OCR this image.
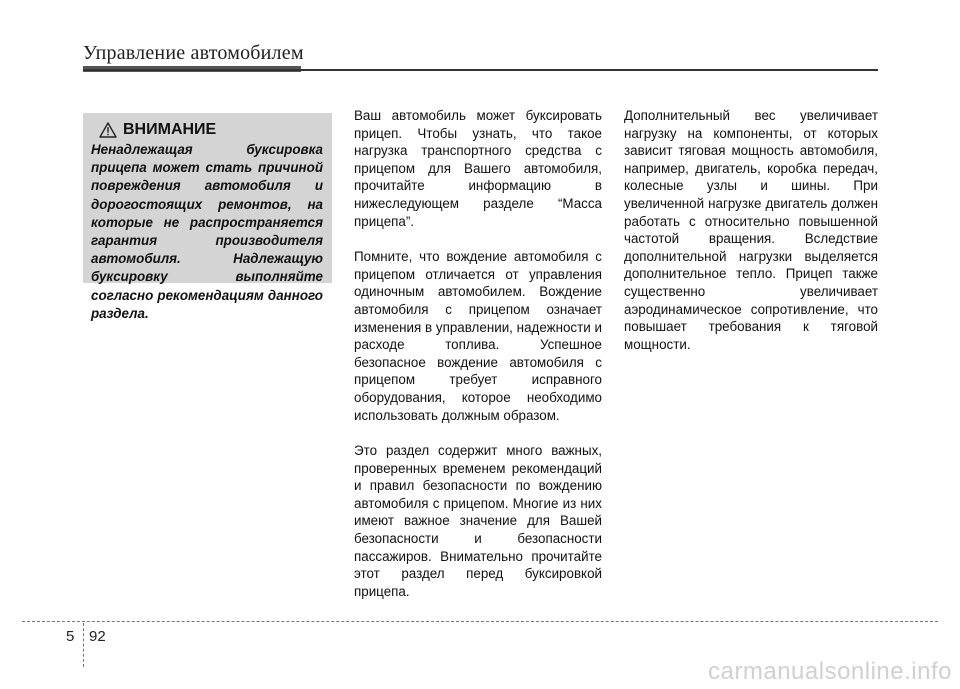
Управление автомобилем
ВНИМАНИЕ

Ненадлежащая буксировка прицепа может стать причиной повреждения автомобиля и дорогостоящих ремонтов, на которые не распространяется гарантия производителя автомобиля. Надлежащую буксировку выполняйте согласно рекомендациям данного раздела.

Ваш автомобиль может буксировать прицеп. Чтобы узнать, что такое нагрузка транспортного средства с прицепом для Вашего автомобиля, прочитайте информацию в нижеследующем разделе “Масса прицепа”.

Помните, что вождение автомобиля с прицепом отличается от управления одиночным автомобилем. Вождение автомобиля с прицепом означает изменения в управлении, надежности и расходе топлива. Успешное безопасное вождение автомобиля с прицепом требует исправного оборудования, которое необходимо использовать должным образом.

Это раздел содержит много важных, проверенных временем рекомендаций и правил безопасности по вождению автомобиля с прицепом. Многие из них имеют важное значение для Вашей безопасности и безопасности пассажиров. Внимательно прочитайте этот раздел перед буксировкой прицепа.

Дополнительный вес увеличивает нагрузку на компоненты, от которых зависит тяговая мощность автомобиля, например, двигатель, коробка передач, колесные узлы и шины. При увеличенной нагрузке двигатель должен работать с относительно повышенной частотой вращения. Вследствие дополнительной нагрузки выделяется дополнительное тепло. Прицеп также существенно увеличивает аэродинамическое сопротивление, что повышает требования к тяговой мощности.

5 92
carmanualsonline.info
